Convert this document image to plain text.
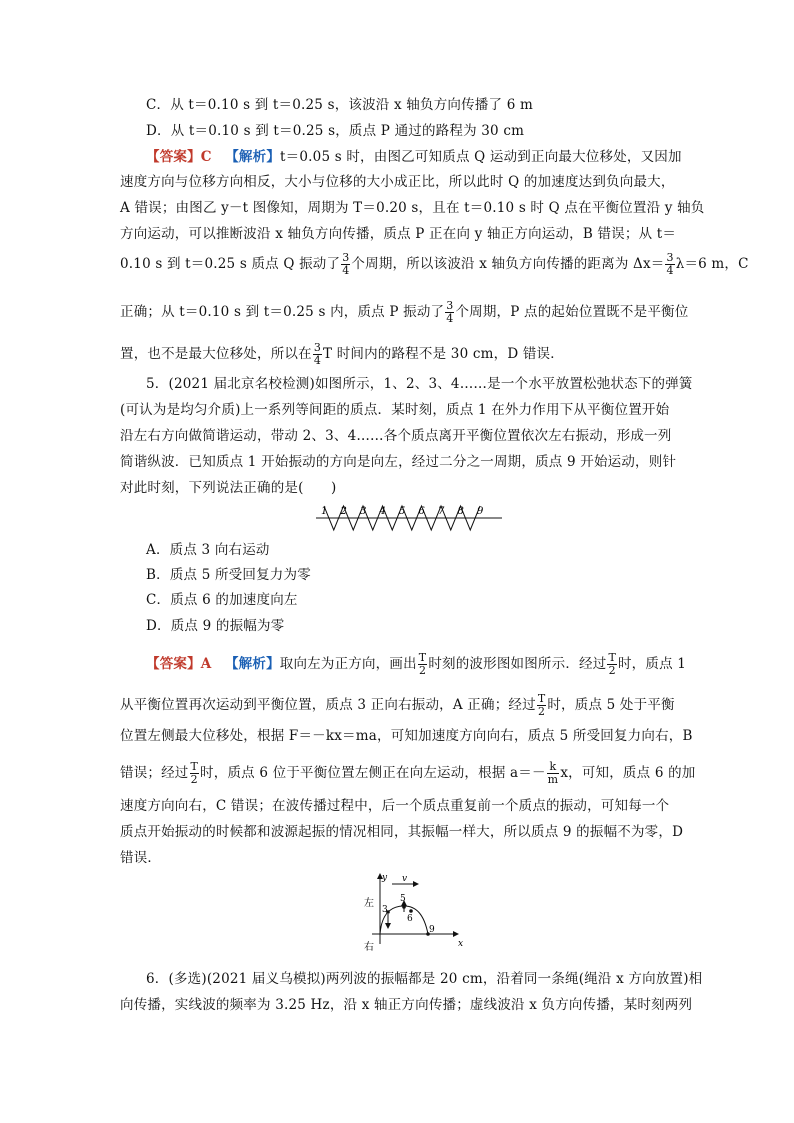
C．从 t＝0.10 s 到 t＝0.25 s，该波沿 x 轴负方向传播了 6 m
D．从 t＝0.10 s 到 t＝0.25 s，质点 P 通过的路程为 30 cm
【答案】C 【解析】t＝0.05 s 时，由图乙可知质点 Q 运动到正向最大位移处，又因加
速度方向与位移方向相反，大小与位移的大小成正比，所以此时 Q 的加速度达到负向最大，
A 错误；由图乙 y－t 图像知，周期为 T＝0.20 s，且在 t＝0.10 s 时 Q 点在平衡位置沿 y 轴负
方向运动，可以推断波沿 x 轴负方向传播，质点 P 正在向 y 轴正方向运动，B 错误；从 t＝
0.10 s 到 t＝0.25 s 质点 Q 振动了 $\frac{3}{4}$ 个周期，所以该波沿 x 轴负方向传播的距离为 $\Delta x= \frac{3}{4} \lambda=6$ m，C
正确；从 t＝0.10 s 到 t＝0.25 s 内，质点 P 振动了 $\frac{3}{4}$ 个周期，P 点的起始位置既不是平衡位
置，也不是最大位移处，所以在 $\frac{3}{4}$ T 时间内的路程不是 30 cm，D 错误．
5．(2021 届北京名校检测)如图所示，1、2、3、4……是一个水平放置松弛状态下的弹簧
(可认为是均匀介质)上一系列等间距的质点．某时刻，质点 1 在外力作用下从平衡位置开始
沿左右方向做简谐运动，带动 2、3、4……各个质点离开平衡位置依次左右振动，形成一列
简谐纵波．已知质点 1 开始振动的方向是向左，经过二分之一周期，质点 9 开始运动，则针
对此时刻，下列说法正确的是(　　)
1 2 3 4 5 6 7 8 9
A．质点 3 向右运动
B．质点 5 所受回复力为零
C．质点 6 的加速度向左
D．质点 9 的振幅为零
【答案】A 【解析】取向左为正方向，画出 $\frac{T}{2}$ 时刻的波形图如图所示．经过 $\frac{T}{2}$ 时，质点 1
从平衡位置再次运动到平衡位置，质点 3 正向右振动，A 正确；经过 $\frac{T}{2}$ 时，质点 5 处于平衡
位置左侧最大位移处，根据 F＝－kx＝ma，可知加速度方向向右，质点 5 所受回复力向右，B
错误；经过 $\frac{T}{2}$ 时，质点 6 位于平衡位置左侧正在向左运动，根据 $a=- \frac{k}{m}$ x，可知，质点 6 的加
速度方向向右，C 错误；在波传播过程中，后一个质点重复前一个质点的振动，可知每一个
质点开始振动的时候都和波源起振的情况相同，其振幅一样大，所以质点 9 的振幅不为零，D
错误．
y
x
v
左
右
3
5
6
9
6．(多选)(2021 届义乌模拟)两列波的振幅都是 20 cm，沿着同一条绳(绳沿 x 方向放置)相
向传播，实线波的频率为 3.25 Hz，沿 x 轴正方向传播；虚线波沿 x 负方向传播，某时刻两列
